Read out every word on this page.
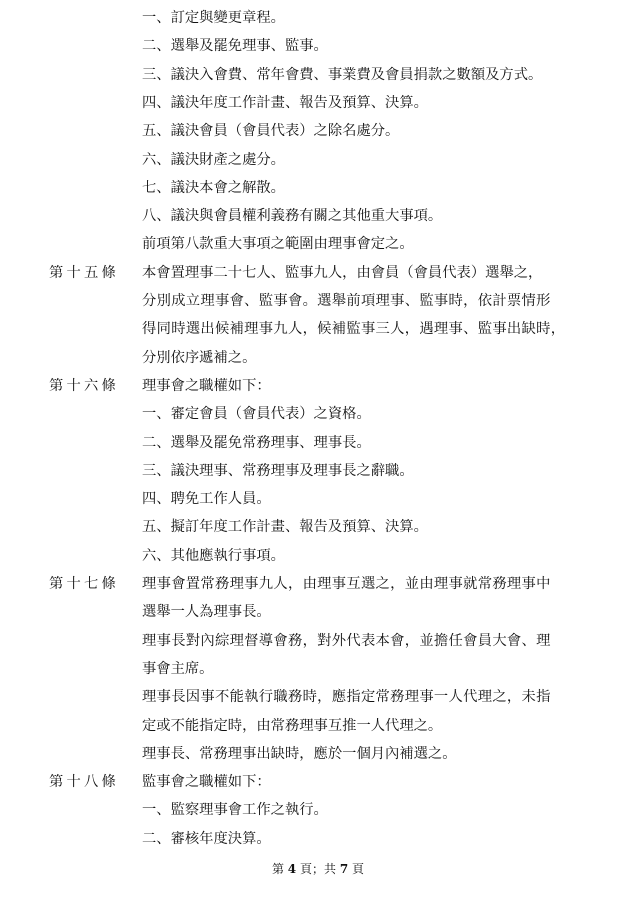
一、訂定與變更章程。
二、選舉及罷免理事、監事。
三、議決入會費、常年會費、事業費及會員捐款之數額及方式。
四、議決年度工作計畫、報告及預算、決算。
五、議決會員（會員代表）之除名處分。
六、議決財產之處分。
七、議決本會之解散。
八、議決與會員權利義務有關之其他重大事項。
前項第八款重大事項之範圍由理事會定之。
第十五條 本會置理事二十七人、監事九人，由會員（會員代表）選舉之，
分別成立理事會、監事會。選舉前項理事、監事時，依計票情形
得同時選出候補理事九人，候補監事三人，遇理事、監事出缺時，
分別依序遞補之。
第十六條 理事會之職權如下：
一、審定會員（會員代表）之資格。
二、選舉及罷免常務理事、理事長。
三、議決理事、常務理事及理事長之辭職。
四、聘免工作人員。
五、擬訂年度工作計畫、報告及預算、決算。
六、其他應執行事項。
第十七條 理事會置常務理事九人，由理事互選之，並由理事就常務理事中
選舉一人為理事長。
理事長對內綜理督導會務，對外代表本會，並擔任會員大會、理
事會主席。
理事長因事不能執行職務時，應指定常務理事一人代理之，未指
定或不能指定時，由常務理事互推一人代理之。
理事長、常務理事出缺時，應於一個月內補選之。
第十八條 監事會之職權如下：
一、監察理事會工作之執行。
二、審核年度決算。
第 4 頁；共 7 頁
